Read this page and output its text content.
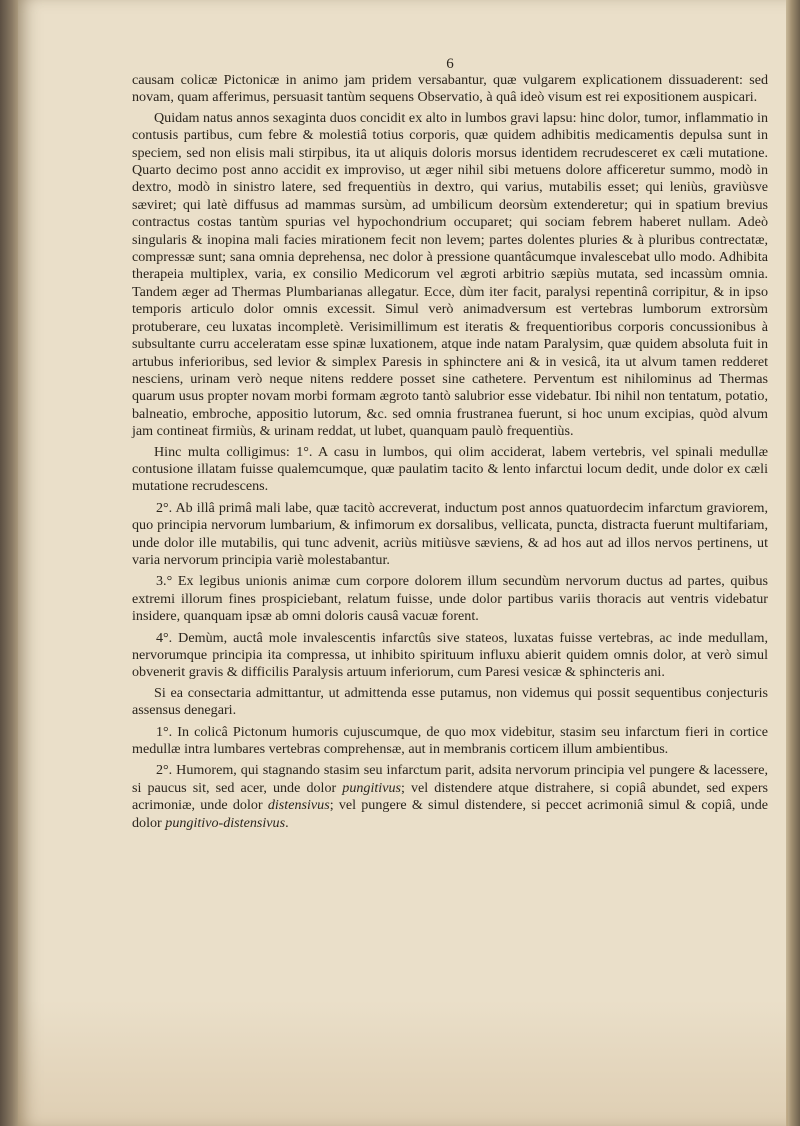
6

causam colicæ Pictonicæ in animo jam pridem versabantur, quæ vulgarem explicationem dissuaderent: sed novam, quam afferimus, persuasit tantùm sequens Observatio, à quâ ideò visum est rei expositionem auspicari.

Quidam natus annos sexaginta duos concidit ex alto in lumbos gravi lapsu: hinc dolor, tumor, inflammatio in contusis partibus, cum febre & molestiâ totius corporis, quæ quidem adhibitis medicamentis depulsa sunt in speciem, sed non elisis mali stirpibus, ita ut aliquis doloris morsus identidem recrudesceret ex cæli mutatione. Quarto decimo post anno accidit ex improviso, ut æger nihil sibi metuens dolore afficeretur summo, modò in dextro, modò in sinistro latere, sed frequentiùs in dextro, qui varius, mutabilis esset; qui leniùs, graviùsve sæviret; qui latè diffusus ad mammas sursùm, ad umbilicum deorsùm extenderetur; qui in spatium brevius contractus costas tantùm spurias vel hypochondrium occuparet; qui sociam febrem haberet nullam. Adeò singularis & inopina mali facies mirationem fecit non levem; partes dolentes pluries & à pluribus contrectatæ, compressæ sunt; sana omnia deprehensa, nec dolor à pressione quantâcumque invalescebat ullo modo. Adhibita therapeia multiplex, varia, ex consilio Medicorum vel ægroti arbitrio sæpiùs mutata, sed incassùm omnia. Tandem æger ad Thermas Plumbarianas allegatur. Ecce, dùm iter facit, paralysi repentinâ corripitur, & in ipso temporis articulo dolor omnis excessit. Simul verò animadversum est vertebras lumborum extrorsùm protuberare, ceu luxatas incompletè. Verisimillimum est iteratis & frequentioribus corporis concussionibus à subsultante curru acceleratam esse spinæ luxationem, atque inde natam Paralysim, quæ quidem absoluta fuit in artubus inferioribus, sed levior & simplex Paresis in sphinctere ani & in vesicâ, ita ut alvum tamen redderet nesciens, urinam verò neque nitens reddere posset sine cathetere. Perventum est nihilominus ad Thermas quarum usus propter novam morbi formam ægroto tantò salubrior esse videbatur. Ibi nihil non tentatum, potatio, balneatio, embroche, appositio lutorum, &c. sed omnia frustranea fuerunt, si hoc unum excipias, quòd alvum jam contineat firmiùs, & urinam reddat, ut lubet, quanquam paulò frequentiùs.

Hinc multa colligimus: 1°. A casu in lumbos, qui olim acciderat, labem vertebris, vel spinali medullæ contusione illatam fuisse qualemcumque, quæ paulatim tacito & lento infarctui locum dedit, unde dolor ex cæli mutatione recrudescens.

2°. Ab illâ primâ mali labe, quæ tacitò accreverat, inductum post annos quatuordecim infarctum graviorem, quo principia nervorum lumbarium, & infimorum ex dorsalibus, vellicata, puncta, distracta fuerunt multifariam, unde dolor ille mutabilis, qui tunc advenit, acriùs mitiùsve sæviens, & ad hos aut ad illos nervos pertinens, ut varia nervorum principia variè molestabantur.

3.° Ex legibus unionis animæ cum corpore dolorem illum secundùm nervorum ductus ad partes, quibus extremi illorum fines prospiciebant, relatum fuisse, unde dolor partibus variis thoracis aut ventris videbatur insidere, quanquam ipsæ ab omni doloris causâ vacuæ forent.

4°. Demùm, auctâ mole invalescentis infarctûs sive stateos, luxatas fuisse vertebras, ac inde medullam, nervorumque principia ita compressa, ut inhibito spirituum influxu abierit quidem omnis dolor, at verò simul obvenerit gravis & difficilis Paralysis artuum inferiorum, cum Paresi vesicæ & sphincteris ani.

Si ea consectaria admittantur, ut admittenda esse putamus, non videmus qui possit sequentibus conjecturis assensus denegari.

1°. In colicâ Pictonum humoris cujuscumque, de quo mox videbitur, stasim seu infarctum fieri in cortice medullæ intra lumbares vertebras comprehensæ, aut in membranis corticem illum ambientibus.

2°. Humorem, qui stagnando stasim seu infarctum parit, adsita nervorum principia vel pungere & lacessere, si paucus sit, sed acer, unde dolor pungitivus; vel distendere atque distrahere, si copiâ abundet, sed expers acrimoniæ, unde dolor distensivus; vel pungere & simul distendere, si peccet acrimoniâ simul & copiâ, unde dolor pungitivo-distensivus.
